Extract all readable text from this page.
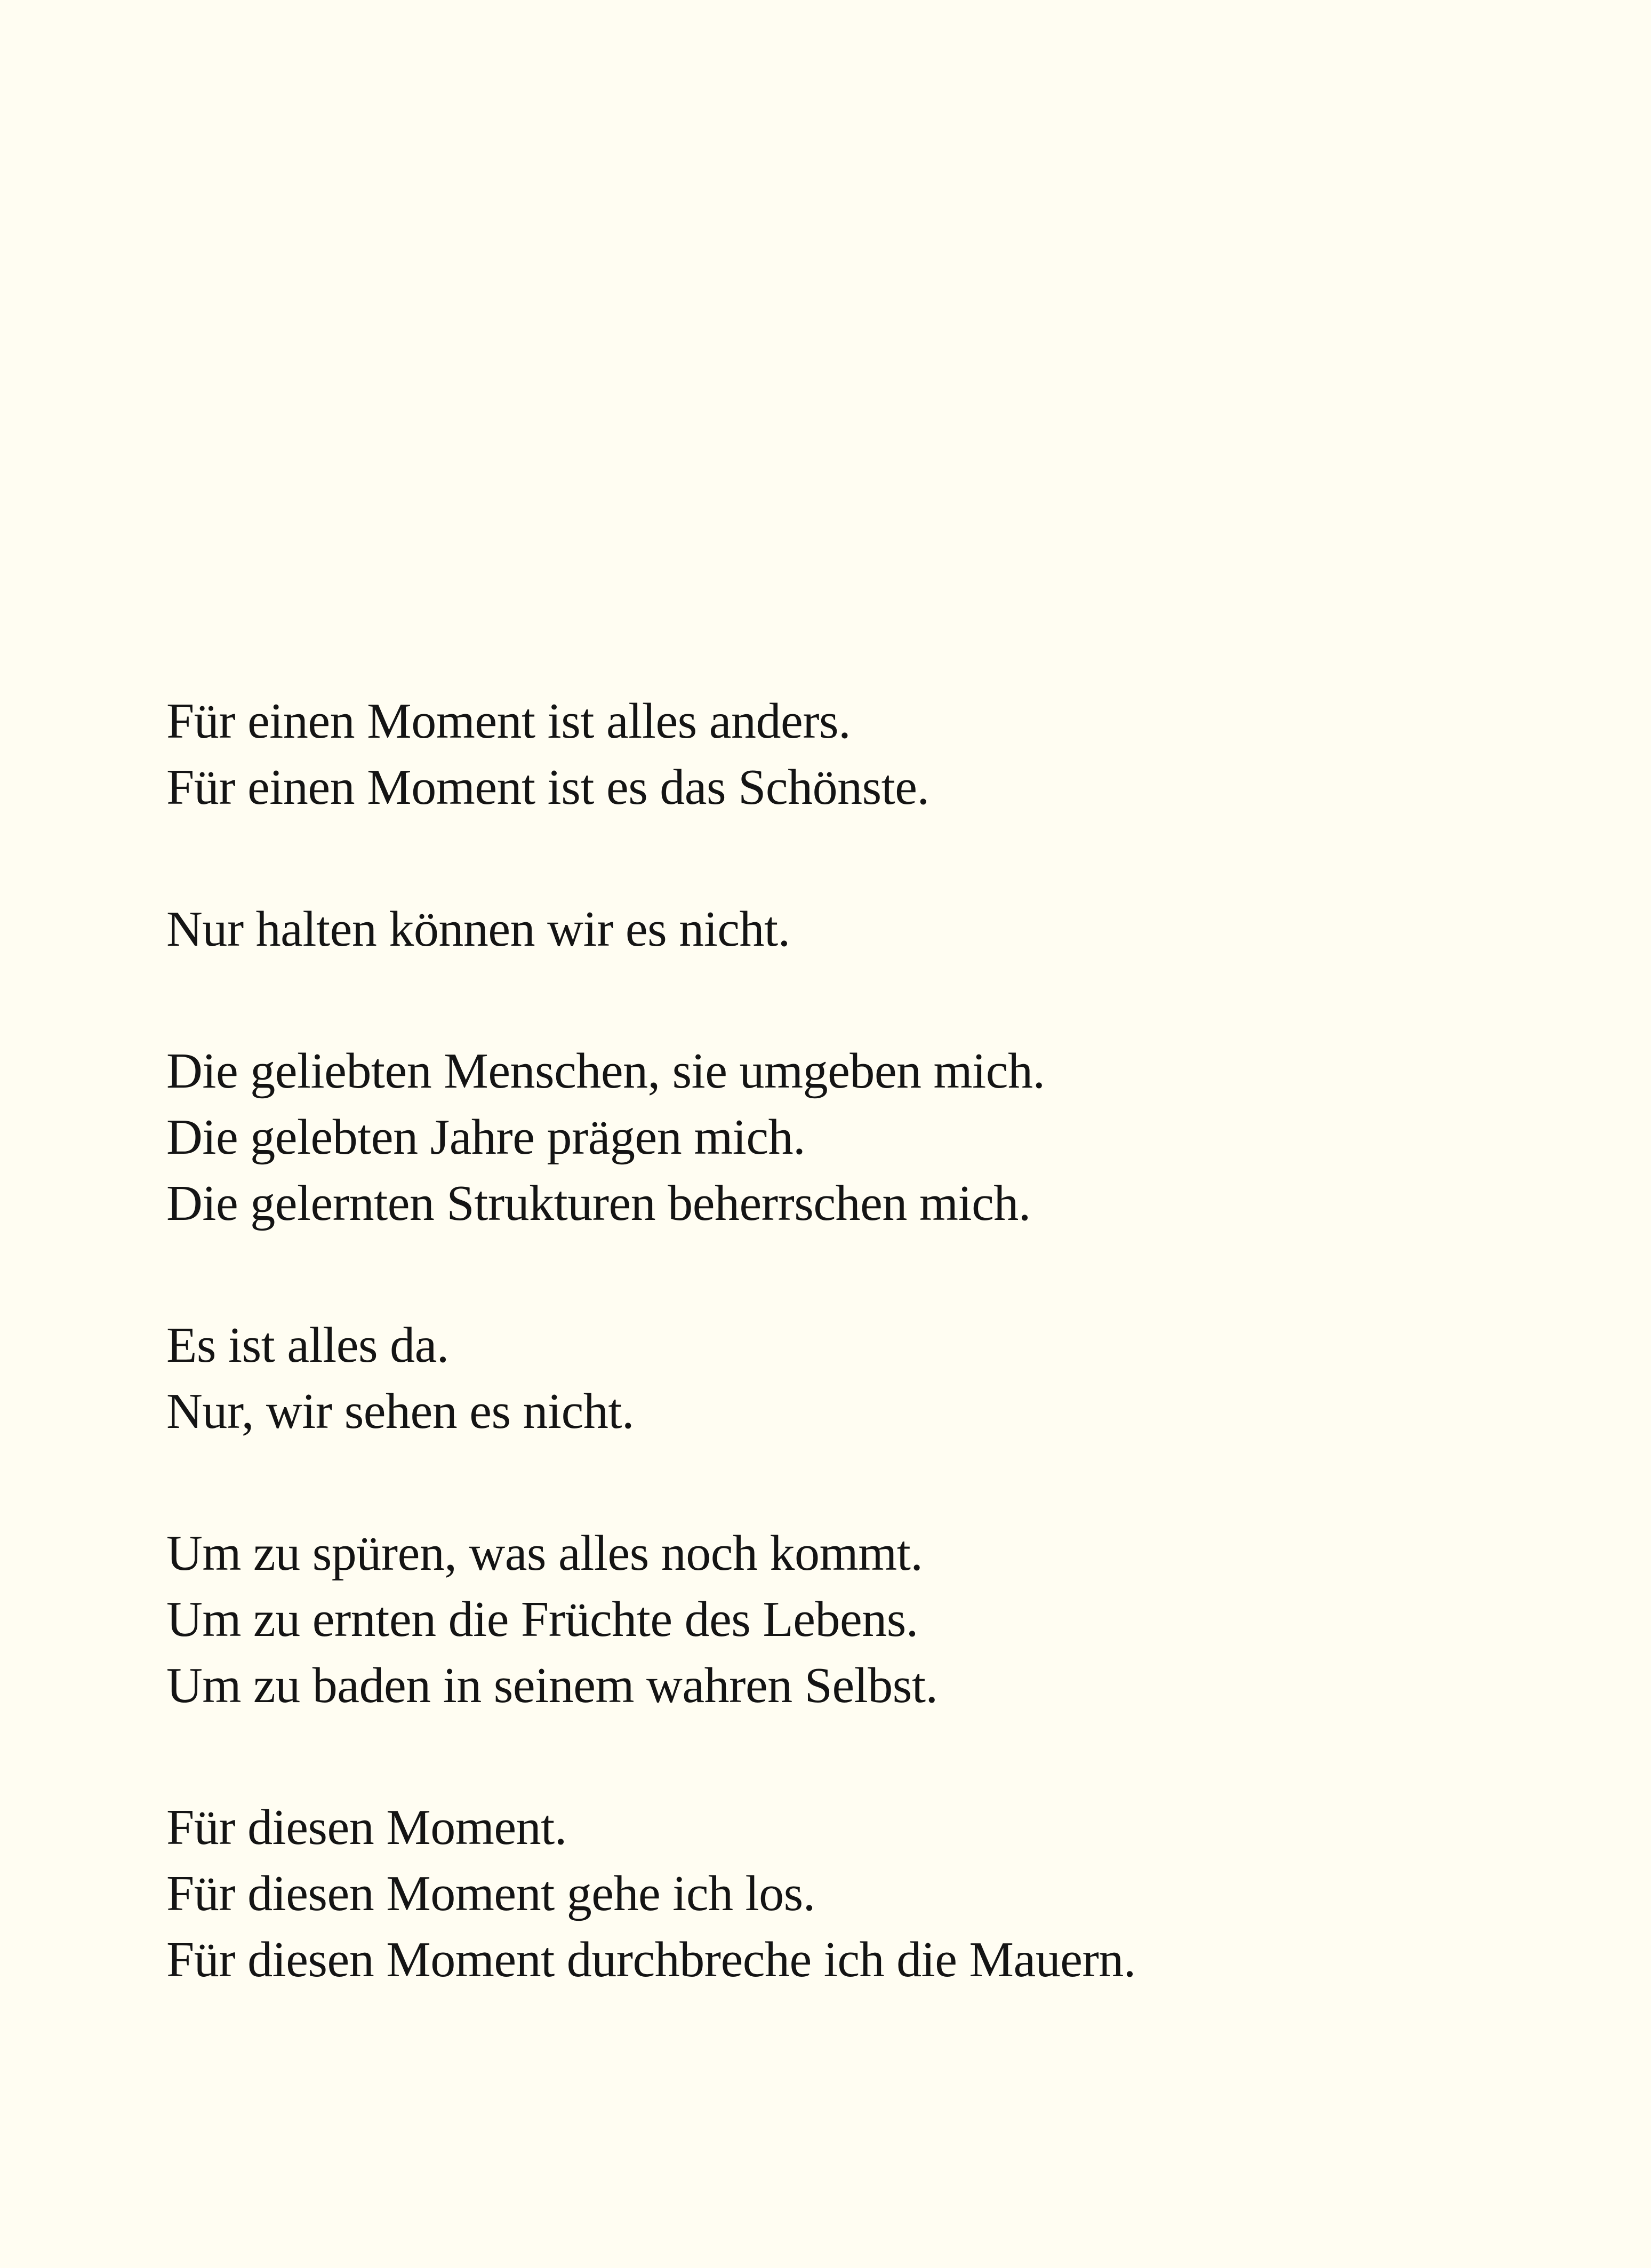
Für einen Moment ist alles anders.
Für einen Moment ist es das Schönste.
Nur halten können wir es nicht.
Die geliebten Menschen, sie umgeben mich.
Die gelebten Jahre prägen mich.
Die gelernten Strukturen beherrschen mich.
Es ist alles da.
Nur, wir sehen es nicht.
Um zu spüren, was alles noch kommt.
Um zu ernten die Früchte des Lebens.
Um zu baden in seinem wahren Selbst.
Für diesen Moment.
Für diesen Moment gehe ich los.
Für diesen Moment durchbreche ich die Mauern.
